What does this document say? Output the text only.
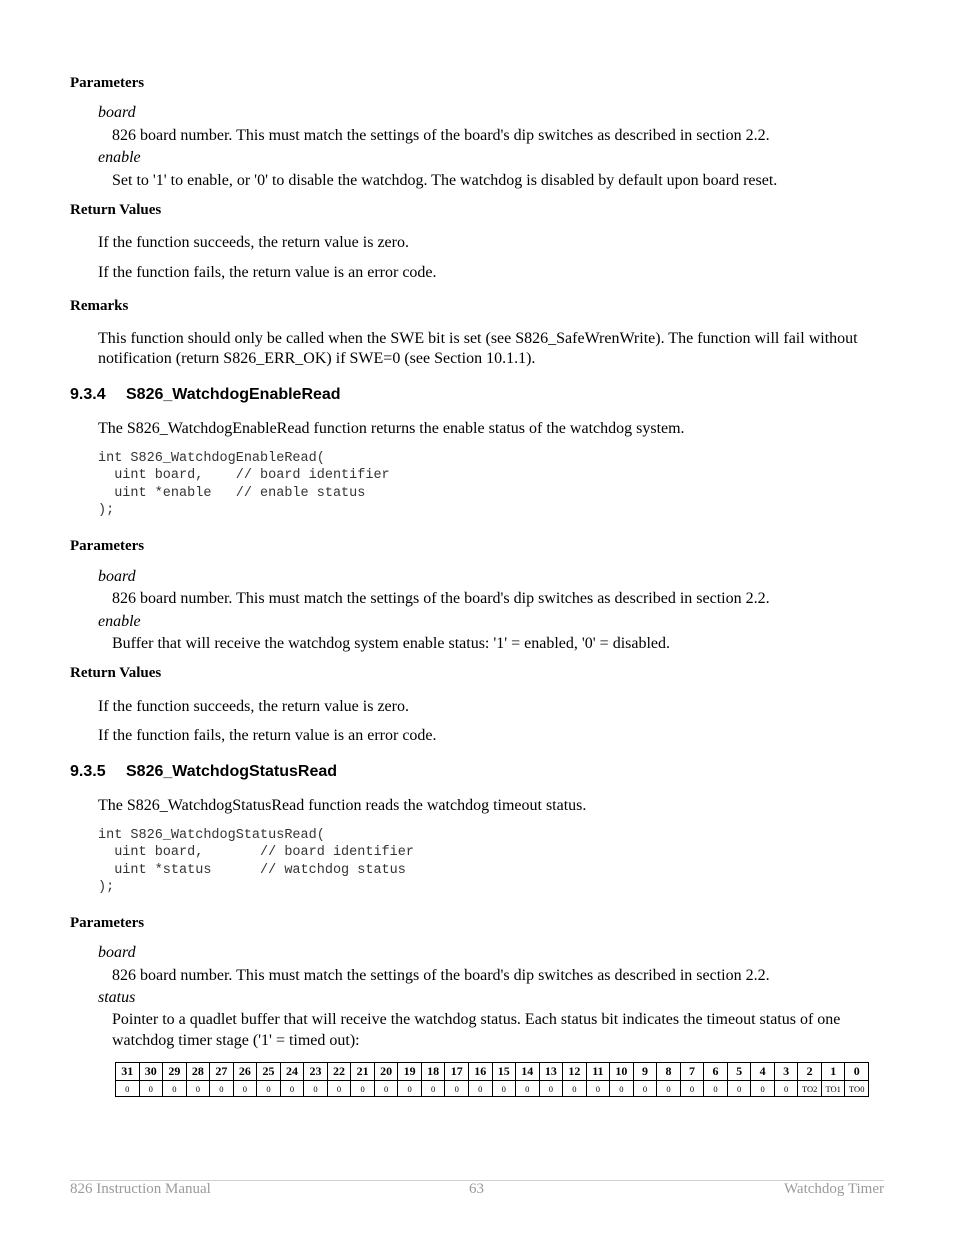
Parameters
board
826 board number. This must match the settings of the board's dip switches as described in section 2.2.
enable
Set to '1' to enable, or '0' to disable the watchdog. The watchdog is disabled by default upon board reset.
Return Values
If the function succeeds, the return value is zero.
If the function fails, the return value is an error code.
Remarks
This function should only be called when the SWE bit is set (see S826_SafeWrenWrite). The function will fail without notification (return S826_ERR_OK) if SWE=0 (see Section 10.1.1).
9.3.4 S826_WatchdogEnableRead
The S826_WatchdogEnableRead function returns the enable status of the watchdog system.
int S826_WatchdogEnableRead(
uint board,    // board identifier
uint *enable   // enable status
);
Parameters
board
826 board number. This must match the settings of the board's dip switches as described in section 2.2.
enable
Buffer that will receive the watchdog system enable status: '1' = enabled, '0' = disabled.
Return Values
If the function succeeds, the return value is zero.
If the function fails, the return value is an error code.
9.3.5 S826_WatchdogStatusRead
The S826_WatchdogStatusRead function reads the watchdog timeout status.
int S826_WatchdogStatusRead(
uint board,       // board identifier
uint *status      // watchdog status
);
Parameters
board
826 board number. This must match the settings of the board's dip switches as described in section 2.2.
status
Pointer to a quadlet buffer that will receive the watchdog status. Each status bit indicates the timeout status of one watchdog timer stage ('1' = timed out):
31	30	29	28	27	26	25	24	23	22	21	20	19	18	17	16	15	14	13	12	11	10	9	8	7	6	5	4	3	2	1	0
0	0	0	0	0	0	0	0	0	0	0	0	0	0	0	0	0	0	0	0	0	0	0	0	0	0	0	0	0	TO2	TO1	TO0
826 Instruction Manual	63	Watchdog Timer
